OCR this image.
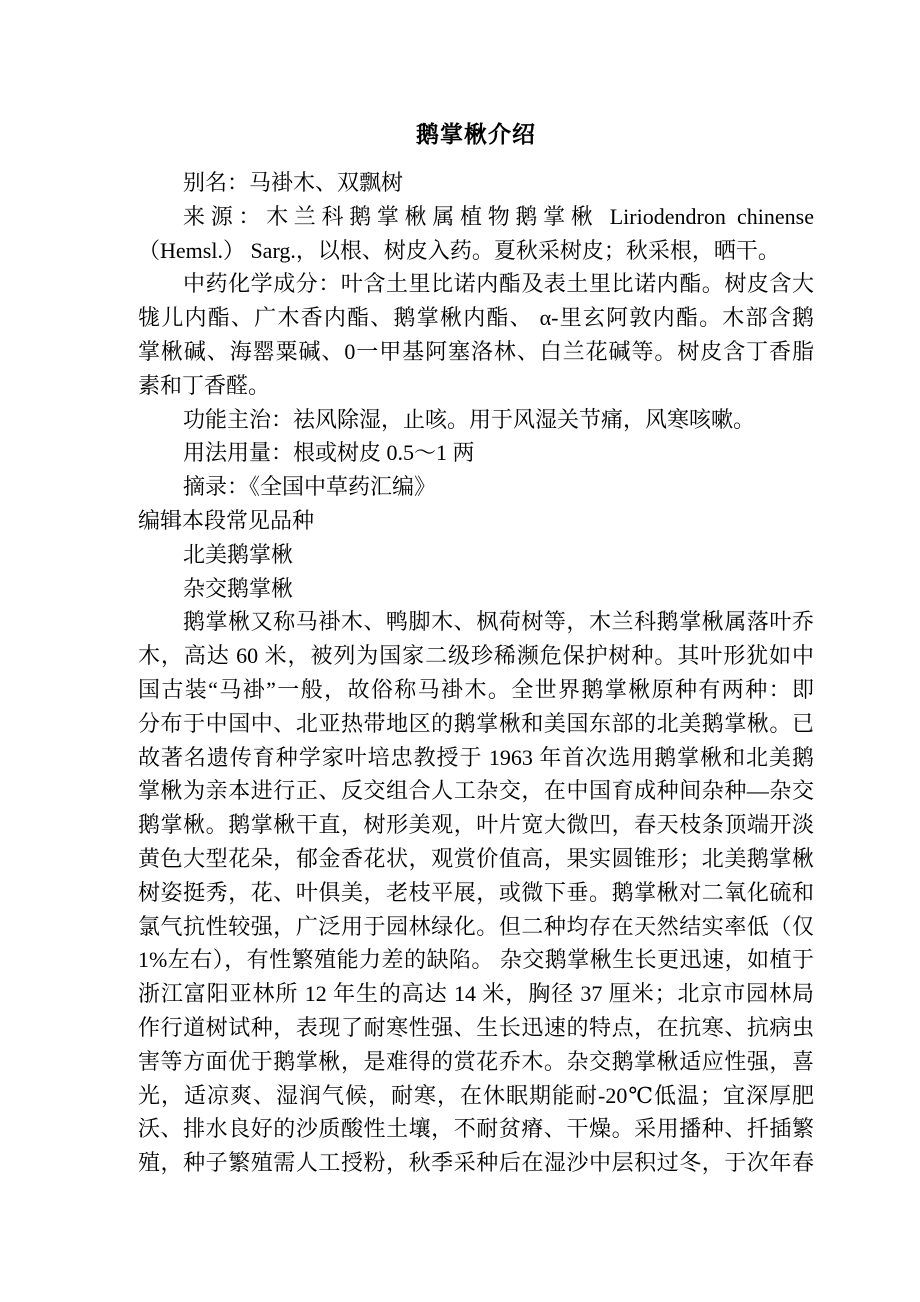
鹅掌楸介绍
别名：马褂木、双飘树
来源：木兰科鹅掌楸属植物鹅掌楸 Liriodendron chinense
（Hemsl.） Sarg.，以根、树皮入药。夏秋采树皮；秋采根，晒干。
中药化学成分：叶含土里比诺内酯及表土里比诺内酯。树皮含大
牻儿内酯、广木香内酯、鹅掌楸内酯、 α-里玄阿敦内酯。木部含鹅
掌楸碱、海罂粟碱、0一甲基阿塞洛林、白兰花碱等。树皮含丁香脂
素和丁香醛。
功能主治：祛风除湿，止咳。用于风湿关节痛，风寒咳嗽。
用法用量：根或树皮 0.5～1 两
摘录：《全国中草药汇编》
编辑本段常见品种
北美鹅掌楸
杂交鹅掌楸
鹅掌楸又称马褂木、鸭脚木、枫荷树等，木兰科鹅掌楸属落叶乔
木，高达 60 米，被列为国家二级珍稀濒危保护树种。其叶形犹如中
国古装“马褂”一般，故俗称马褂木。全世界鹅掌楸原种有两种：即
分布于中国中、北亚热带地区的鹅掌楸和美国东部的北美鹅掌楸。已
故著名遗传育种学家叶培忠教授于 1963 年首次选用鹅掌楸和北美鹅
掌楸为亲本进行正、反交组合人工杂交，在中国育成种间杂种—杂交
鹅掌楸。鹅掌楸干直，树形美观，叶片宽大微凹，春天枝条顶端开淡
黄色大型花朵，郁金香花状，观赏价值高，果实圆锥形；北美鹅掌楸
树姿挺秀，花、叶俱美，老枝平展，或微下垂。鹅掌楸对二氧化硫和
氯气抗性较强，广泛用于园林绿化。但二种均存在天然结实率低（仅
1%左右），有性繁殖能力差的缺陷。 杂交鹅掌楸生长更迅速，如植于
浙江富阳亚林所 12 年生的高达 14 米，胸径 37 厘米；北京市园林局
作行道树试种，表现了耐寒性强、生长迅速的特点，在抗寒、抗病虫
害等方面优于鹅掌楸，是难得的赏花乔木。杂交鹅掌楸适应性强，喜
光，适凉爽、湿润气候，耐寒，在休眠期能耐-20℃低温；宜深厚肥
沃、排水良好的沙质酸性土壤，不耐贫瘠、干燥。采用播种、扦插繁
殖，种子繁殖需人工授粉，秋季采种后在湿沙中层积过冬，于次年春
